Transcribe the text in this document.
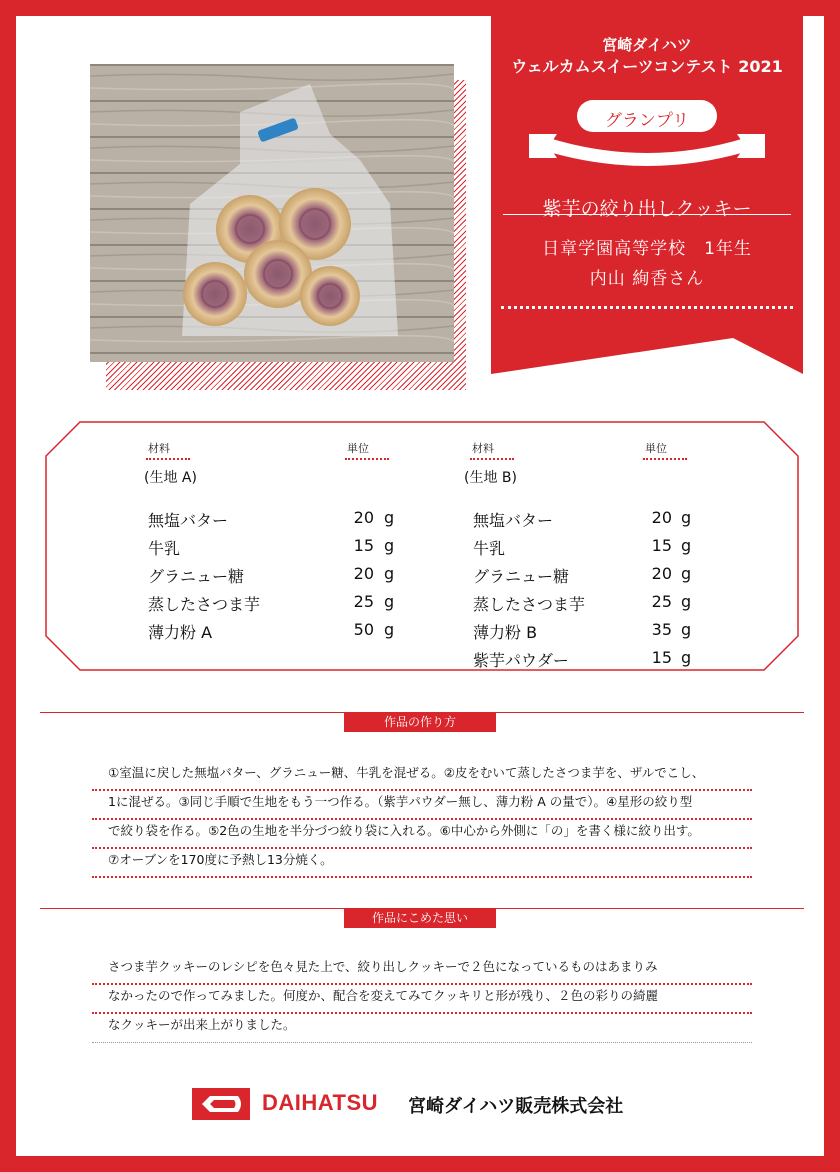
宮崎ダイハツ
ウェルカムスイーツコンテスト 2021
グランプリ
★★★★★★
紫芋の絞り出しクッキー
日章学園高等学校　1年生
内山 絢香さん
材料	単位	材料	単位
(生地 A)	(生地 B)
無塩バター	20 g
牛乳	15 g
グラニュー糖	20 g
蒸したさつま芋	25 g
薄力粉 A	50 g
無塩バター	20 g
牛乳	15 g
グラニュー糖	20 g
蒸したさつま芋	25 g
薄力粉 B	35 g
紫芋パウダー	15 g
作品の作り方
①室温に戻した無塩バター、グラニュー糖、牛乳を混ぜる。②皮をむいて蒸したさつま芋を、ザルでこし、
1に混ぜる。③同じ手順で生地をもう一つ作る。（紫芋パウダー無し、薄力粉 A の量で）。④星形の絞り型
で絞り袋を作る。⑤2色の生地を半分づつ絞り袋に入れる。⑥中心から外側に「の」を書く様に絞り出す。
⑦オーブンを170度に予熱し13分焼く。
作品にこめた思い
さつま芋クッキーのレシピを色々見た上で、絞り出しクッキーで２色になっているものはあまりみ
なかったので作ってみました。何度か、配合を変えてみてクッキリと形が残り、２色の彩りの綺麗
なクッキーが出来上がりました。
DAIHATSU 宮崎ダイハツ販売株式会社
